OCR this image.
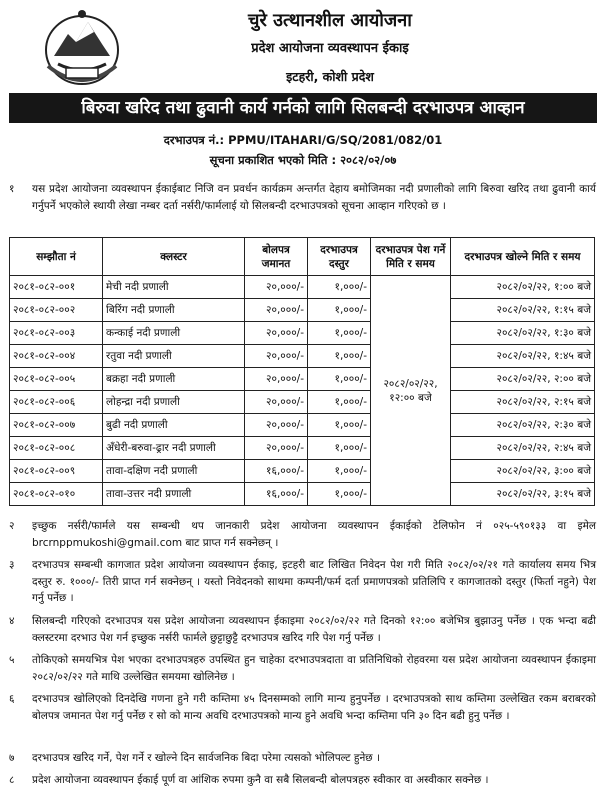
चुरे उत्थानशील आयोजना
प्रदेश आयोजना व्यवस्थापन ईकाइ
इटहरी, कोशी प्रदेश
बिरुवा खरिद तथा ढुवानी कार्य गर्नको लागि सिलबन्दी दरभाउपत्र आव्हान
दरभाउपत्र नं.: PPMU/ITAHARI/G/SQ/2081/082/01
सूचना प्रकाशित भएको मिति : २०८२/०२/०७
१ यस प्रदेश आयोजना व्यवस्थापन ईकाईबाट निजि वन प्रवर्धन कार्यक्रम अन्तर्गत देहाय बमोजिमका नदी प्रणालीको लागि बिरुवा खरिद तथा ढुवानी कार्य गर्नुपर्ने भएकोले स्थायी लेखा नम्बर दर्ता नर्सरी/फार्मलाई यो सिलबन्दी दरभाउपत्रको सूचना आव्हान गरिएको छ ।
सम्झौता नं	क्लस्टर	बोलपत्र जमानत	दरभाउपत्र दस्तुर	दरभाउपत्र पेश गर्ने मिति र समय	दरभाउपत्र खोल्ने मिति र समय
२०८१-०८२-००१	मेची नदी प्रणाली	२०,०००/-	१,०००/-	२०८२/०२/२२, १२:०० बजे	२०८२/०२/२२, १:०० बजे
२०८१-०८२-००२	बिरिंग नदी प्रणाली	२०,०००/-	१,०००/-		२०८२/०२/२२, १:१५ बजे
२०८१-०८२-००३	कन्काई नदी प्रणाली	२०,०००/-	१,०००/-		२०८२/०२/२२, १:३० बजे
२०८१-०८२-००४	रतुवा नदी प्रणाली	२०,०००/-	१,०००/-		२०८२/०२/२२, १:४५ बजे
२०८१-०८२-००५	बक्रहा नदी प्रणाली	२०,०००/-	१,०००/-		२०८२/०२/२२, २:०० बजे
२०८१-०८२-००६	लोहन्द्रा नदी प्रणाली	२०,०००/-	१,०००/-		२०८२/०२/२२, २:१५ बजे
२०८१-०८२-००७	बुढी नदी प्रणाली	२०,०००/-	१,०००/-		२०८२/०२/२२, २:३० बजे
२०८१-०८२-००८	अँधेरी-बरुवा-ढ्रार नदी प्रणाली	२०,०००/-	१,०००/-		२०८२/०२/२२, २:४५ बजे
२०८१-०८२-००९	तावा-दक्षिण नदी प्रणाली	१६,०००/-	१,०००/-		२०८२/०२/२२, ३:०० बजे
२०८१-०८२-०१०	तावा-उत्तर नदी प्रणाली	१६,०००/-	१,०००/-		२०८२/०२/२२, ३:१५ बजे
२ इच्छुक नर्सरी/फार्मले यस सम्बन्धी थप जानकारी प्रदेश आयोजना व्यवस्थापन ईकाईको टेलिफोन नं ०२५-५९०१३३ वा इमेल brcrnppmukoshi@gmail.com बाट प्राप्त गर्न सक्नेछन् ।
३ दरभाउपत्र सम्बन्धी कागजात प्रदेश आयोजना व्यवस्थापन ईकाइ, इटहरी बाट लिखित निवेदन पेश गरी मिति २०८२/०२/२१ गते कार्यालय समय भित्र दस्तुर रु. १०००/- तिरी प्राप्त गर्न सक्नेछन् । यस्तो निवेदनको साथमा कम्पनी/फर्म दर्ता प्रमाणपत्रको प्रतिलिपि र कागजातको दस्तुर (फिर्ता नहुने) पेश गर्नु पर्नेछ ।
४ सिलबन्दी गरिएको दरभाउपत्र यस प्रदेश आयोजना व्यवस्थापन ईकाइमा २०८२/०२/२२ गते दिनको १२:०० बजेभित्र बुझाउनु पर्नेछ । एक भन्दा बढी क्लस्टरमा दरभाउ पेश गर्न इच्छुक नर्सरी फार्मले छुट्टाछुट्टै दरभाउपत्र खरिद गरि पेश गर्नु पर्नेछ ।
५ तोकिएको समयभित्र पेश भएका दरभाउपत्रहरु उपस्थित हुन चाहेका दरभाउपत्रदाता वा प्रतिनिधिको रोहवरमा यस प्रदेश आयोजना व्यवस्थापन ईकाइमा २०८२/०२/२२ गते माथि उल्लेखित समयमा खोलिनेछ ।
६ दरभाउपत्र खोलिएको दिनदेखि गणना हुने गरी कम्तिमा ४५ दिनसम्मको लागि मान्य हुनुपर्नेछ । दरभाउपत्रको साथ कम्तिमा उल्लेखित रकम बराबरको बोलपत्र जमानत पेश गर्नु पर्नेछ र सो को मान्य अवधि दरभाउपत्रको मान्य हुने अवधि भन्दा कम्तिमा पनि ३० दिन बढी हुनु पर्नेछ ।
७ दरभाउपत्र खरिद गर्ने, पेश गर्ने र खोल्ने दिन सार्वजनिक बिदा परेमा त्यसको भोलिपल्ट हुनेछ ।
८ प्रदेश आयोजना व्यवस्थापन ईकाई पूर्ण वा आंशिक रुपमा कुनै वा सबै सिलबन्दी बोलपत्रहरु स्वीकार वा अस्वीकार सक्नेछ ।
